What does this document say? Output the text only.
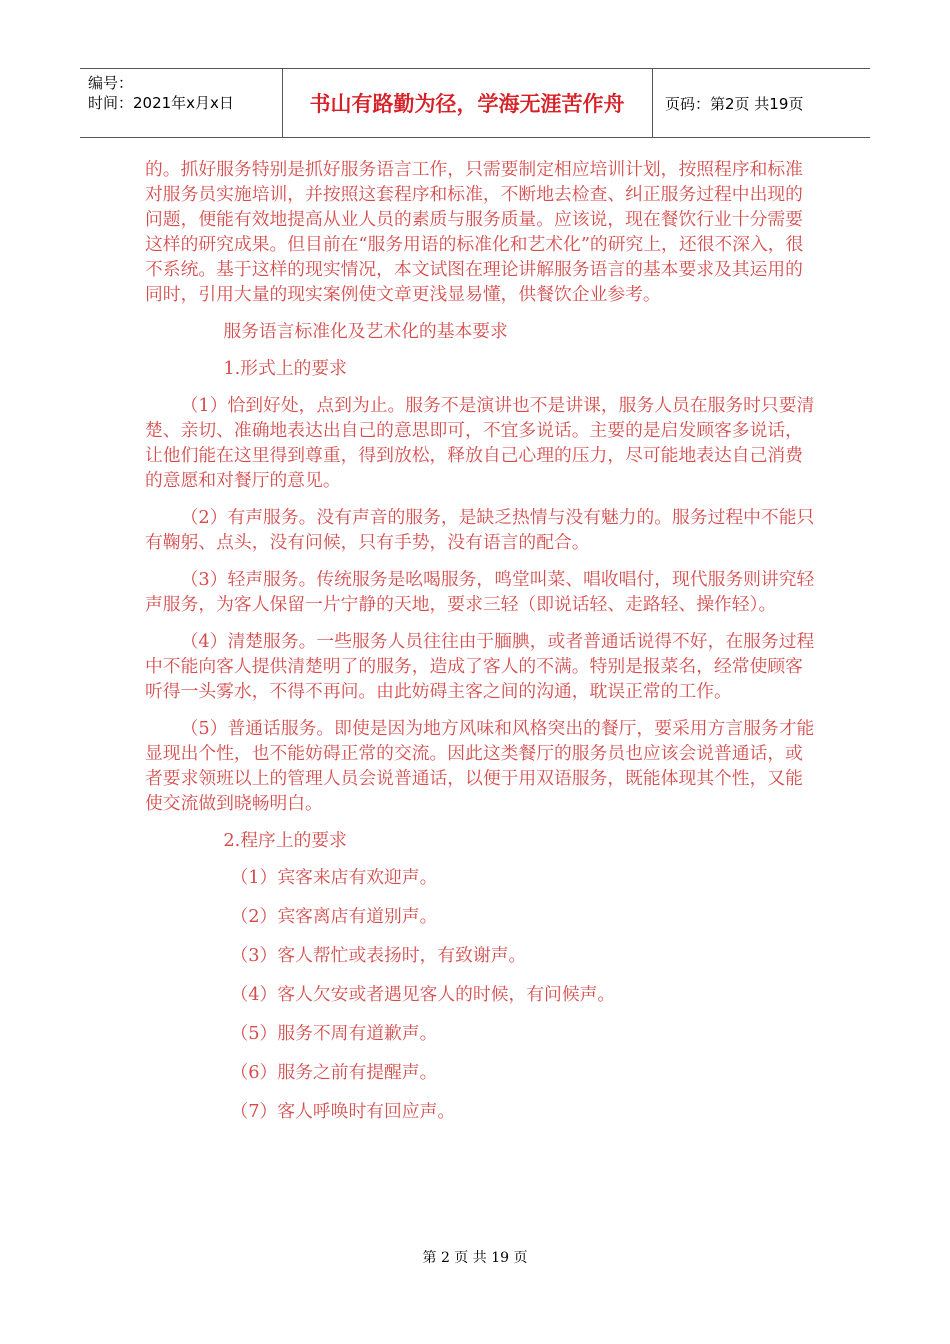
编号：
时间：2021年x月x日	书山有路勤为径，学海无涯苦作舟	页码：第2页 共19页

的。抓好服务特别是抓好服务语言工作，只需要制定相应培训计划，按照程序和标准对服务员实施培训，并按照这套程序和标准，不断地去检查、纠正服务过程中出现的问题，便能有效地提高从业人员的素质与服务质量。应该说，现在餐饮行业十分需要这样的研究成果。但目前在“服务用语的标准化和艺术化”的研究上，还很不深入，很不系统。基于这样的现实情况，本文试图在理论讲解服务语言的基本要求及其运用的同时，引用大量的现实案例使文章更浅显易懂，供餐饮企业参考。

服务语言标准化及艺术化的基本要求

1.形式上的要求

（1）恰到好处，点到为止。服务不是演讲也不是讲课，服务人员在服务时只要清楚、亲切、准确地表达出自己的意思即可，不宜多说话。主要的是启发顾客多说话，让他们能在这里得到尊重，得到放松，释放自己心理的压力，尽可能地表达自己消费的意愿和对餐厅的意见。

（2）有声服务。没有声音的服务，是缺乏热情与没有魅力的。服务过程中不能只有鞠躬、点头，没有问候，只有手势，没有语言的配合。

（3）轻声服务。传统服务是吆喝服务，鸣堂叫菜、唱收唱付，现代服务则讲究轻声服务，为客人保留一片宁静的天地，要求三轻（即说话轻、走路轻、操作轻）。

（4）清楚服务。一些服务人员往往由于腼腆，或者普通话说得不好，在服务过程中不能向客人提供清楚明了的服务，造成了客人的不满。特别是报菜名，经常使顾客听得一头雾水，不得不再问。由此妨碍主客之间的沟通，耽误正常的工作。

（5）普通话服务。即使是因为地方风味和风格突出的餐厅，要采用方言服务才能显现出个性，也不能妨碍正常的交流。因此这类餐厅的服务员也应该会说普通话，或者要求领班以上的管理人员会说普通话，以便于用双语服务，既能体现其个性，又能使交流做到晓畅明白。

2.程序上的要求

（1）宾客来店有欢迎声。

（2）宾客离店有道别声。

（3）客人帮忙或表扬时，有致谢声。

（4）客人欠安或者遇见客人的时候，有问候声。

（5）服务不周有道歉声。

（6）服务之前有提醒声。

（7）客人呼唤时有回应声。

第 2 页 共 19 页
